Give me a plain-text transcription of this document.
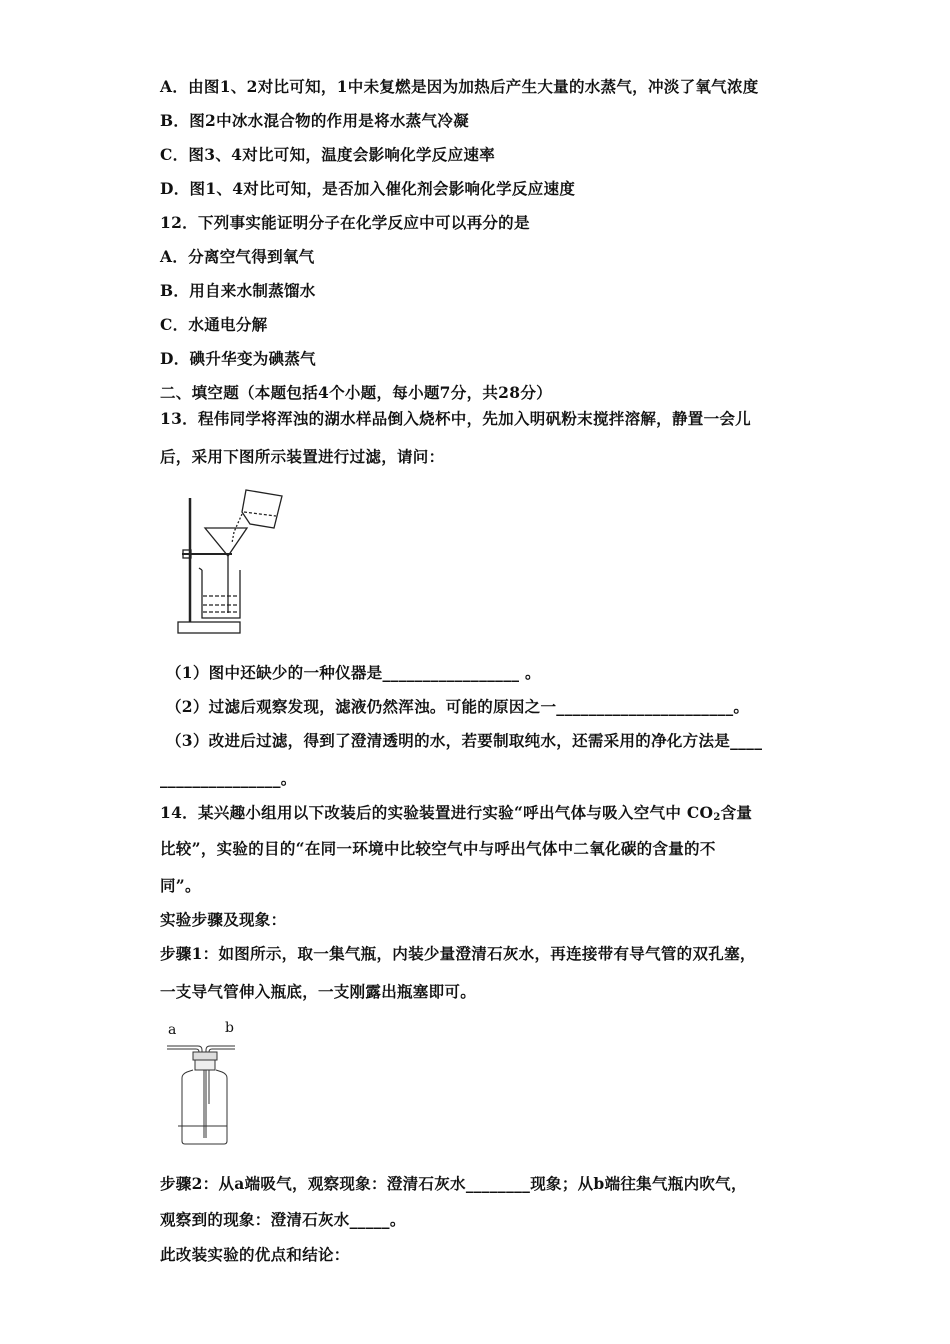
A．由图1、2对比可知，1中未复燃是因为加热后产生大量的水蒸气，冲淡了氧气浓度
B．图2中冰水混合物的作用是将水蒸气冷凝
C．图3、4对比可知，温度会影响化学反应速率
D．图1、4对比可知，是否加入催化剂会影响化学反应速度
12．下列事实能证明分子在化学反应中可以再分的是
A．分离空气得到氧气
B．用自来水制蒸馏水
C．水通电分解
D．碘升华变为碘蒸气
二、填空题（本题包括4个小题，每小题7分，共28分）
13．程伟同学将浑浊的湖水样品倒入烧杯中，先加入明矾粉末搅拌溶解，静置一会儿
后，采用下图所示装置进行过滤，请问：
（1）图中还缺少的一种仪器是_________________ 。
（2）过滤后观察发现，滤液仍然浑浊。可能的原因之一______________________。
（3）改进后过滤，得到了澄清透明的水，若要制取纯水，还需采用的净化方法是____
_______________。
14．某兴趣小组用以下改装后的实验装置进行实验“呼出气体与吸入空气中 $CO_2$含量
比较”，实验的目的“在同一环境中比较空气中与呼出气体中二氧化碳的含量的不
同”。
实验步骤及现象：
步骤1：如图所示，取一集气瓶，内装少量澄清石灰水，再连接带有导气管的双孔塞，
一支导气管伸入瓶底，一支刚露出瓶塞即可。
a	b
步骤2：从a端吸气，观察现象：澄清石灰水________现象；从b端往集气瓶内吹气，
观察到的现象：澄清石灰水_____。
此改装实验的优点和结论：
